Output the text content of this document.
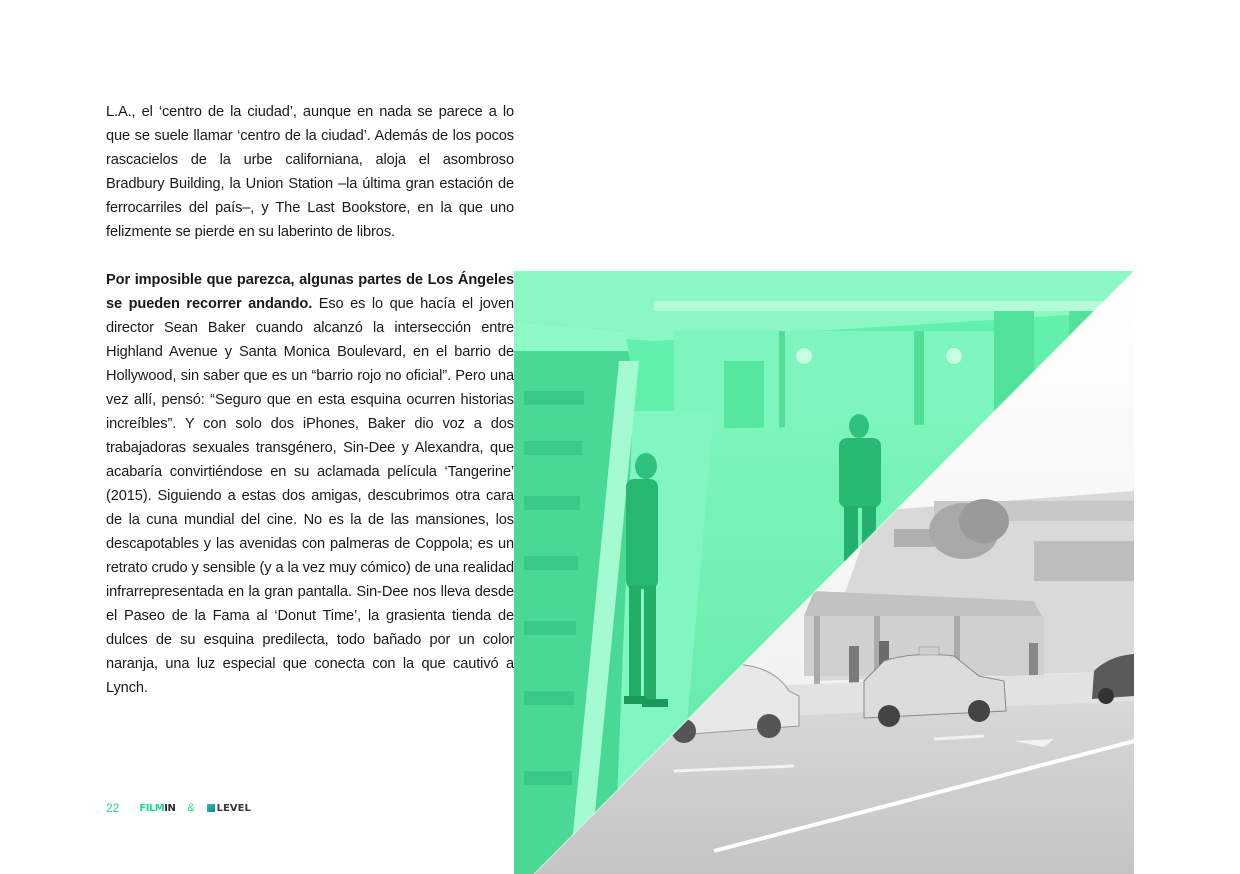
L.A., el ‘centro de la ciudad’, aunque en nada se parece a lo que se suele llamar ‘centro de la ciudad’. Además de los pocos rascacielos de la urbe californiana, aloja el asombroso Bradbury Building, la Union Station –la última gran estación de ferrocarriles del país–, y The Last Bookstore, en la que uno felizmente se pierde en su laberinto de libros.

Por imposible que parezca, algunas partes de Los Ángeles se pueden recorrer andando. Eso es lo que hacía el joven director Sean Baker cuando alcanzó la intersección entre Highland Avenue y Santa Monica Boulevard, en el barrio de Hollywood, sin saber que es un “barrio rojo no oficial”. Pero una vez allí, pensó: “Seguro que en esta esquina ocurren historias increíbles”. Y con solo dos iPhones, Baker dio voz a dos trabajadoras sexuales transgénero, Sin-Dee y Alexandra, que acabaría convirtiéndose en su aclamada película ‘Tangerine’ (2015). Siguiendo a estas dos amigas, descubrimos otra cara de la cuna mundial del cine. No es la de las mansiones, los descapotables y las avenidas con palmeras de Coppola; es un retrato crudo y sensible (y a la vez muy cómico) de una realidad infrarrepresentada en la gran pantalla. Sin-Dee nos lleva desde el Paseo de la Fama al ‘Donut Time’, la grasienta tienda de dulces de su esquina predilecta, todo bañado por un color naranja, una luz especial que conecta con la que cautivó a Lynch.

22 FILMIN & LEVEL
